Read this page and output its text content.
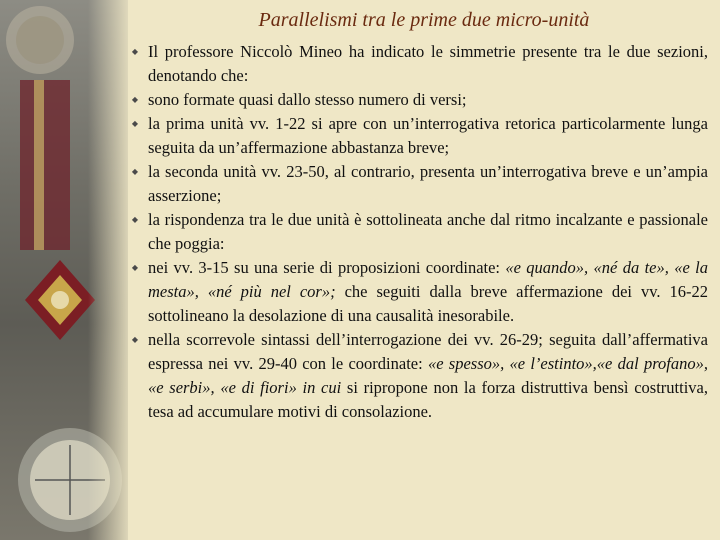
Parallelismi tra le prime due micro-unità
◆ Il professore Niccolò Mineo ha indicato le simmetrie presente tra le due sezioni, denotando che:
◆ sono formate quasi dallo stesso numero di versi;
◆ la prima unità vv. 1-22 si apre con un’interrogativa retorica particolarmente lunga seguita da un’affermazione abbastanza breve;
◆ la seconda unità vv. 23-50, al contrario, presenta un’interrogativa breve e un’ampia asserzione;
◆ la rispondenza tra le due unità è sottolineata anche dal ritmo incalzante e passionale che poggia:
◆ nei vv. 3-15 su una serie di proposizioni coordinate: «e quando», «né da te», «e la mesta», «né più nel cor»; che seguiti dalla breve affermazione dei vv. 16-22 sottolineano la desolazione di una causalità inesorabile.
◆ nella scorrevole sintassi dell’interrogazione dei vv. 26-29; seguita dall’affermativa espressa nei vv. 29-40 con le coordinate: «e spesso», «e l’estinto»,«e dal profano», «e serbi», «e di fiori» in cui si ripropone non la forza distruttiva bensì costruttiva, tesa ad accumulare motivi di consolazione.
